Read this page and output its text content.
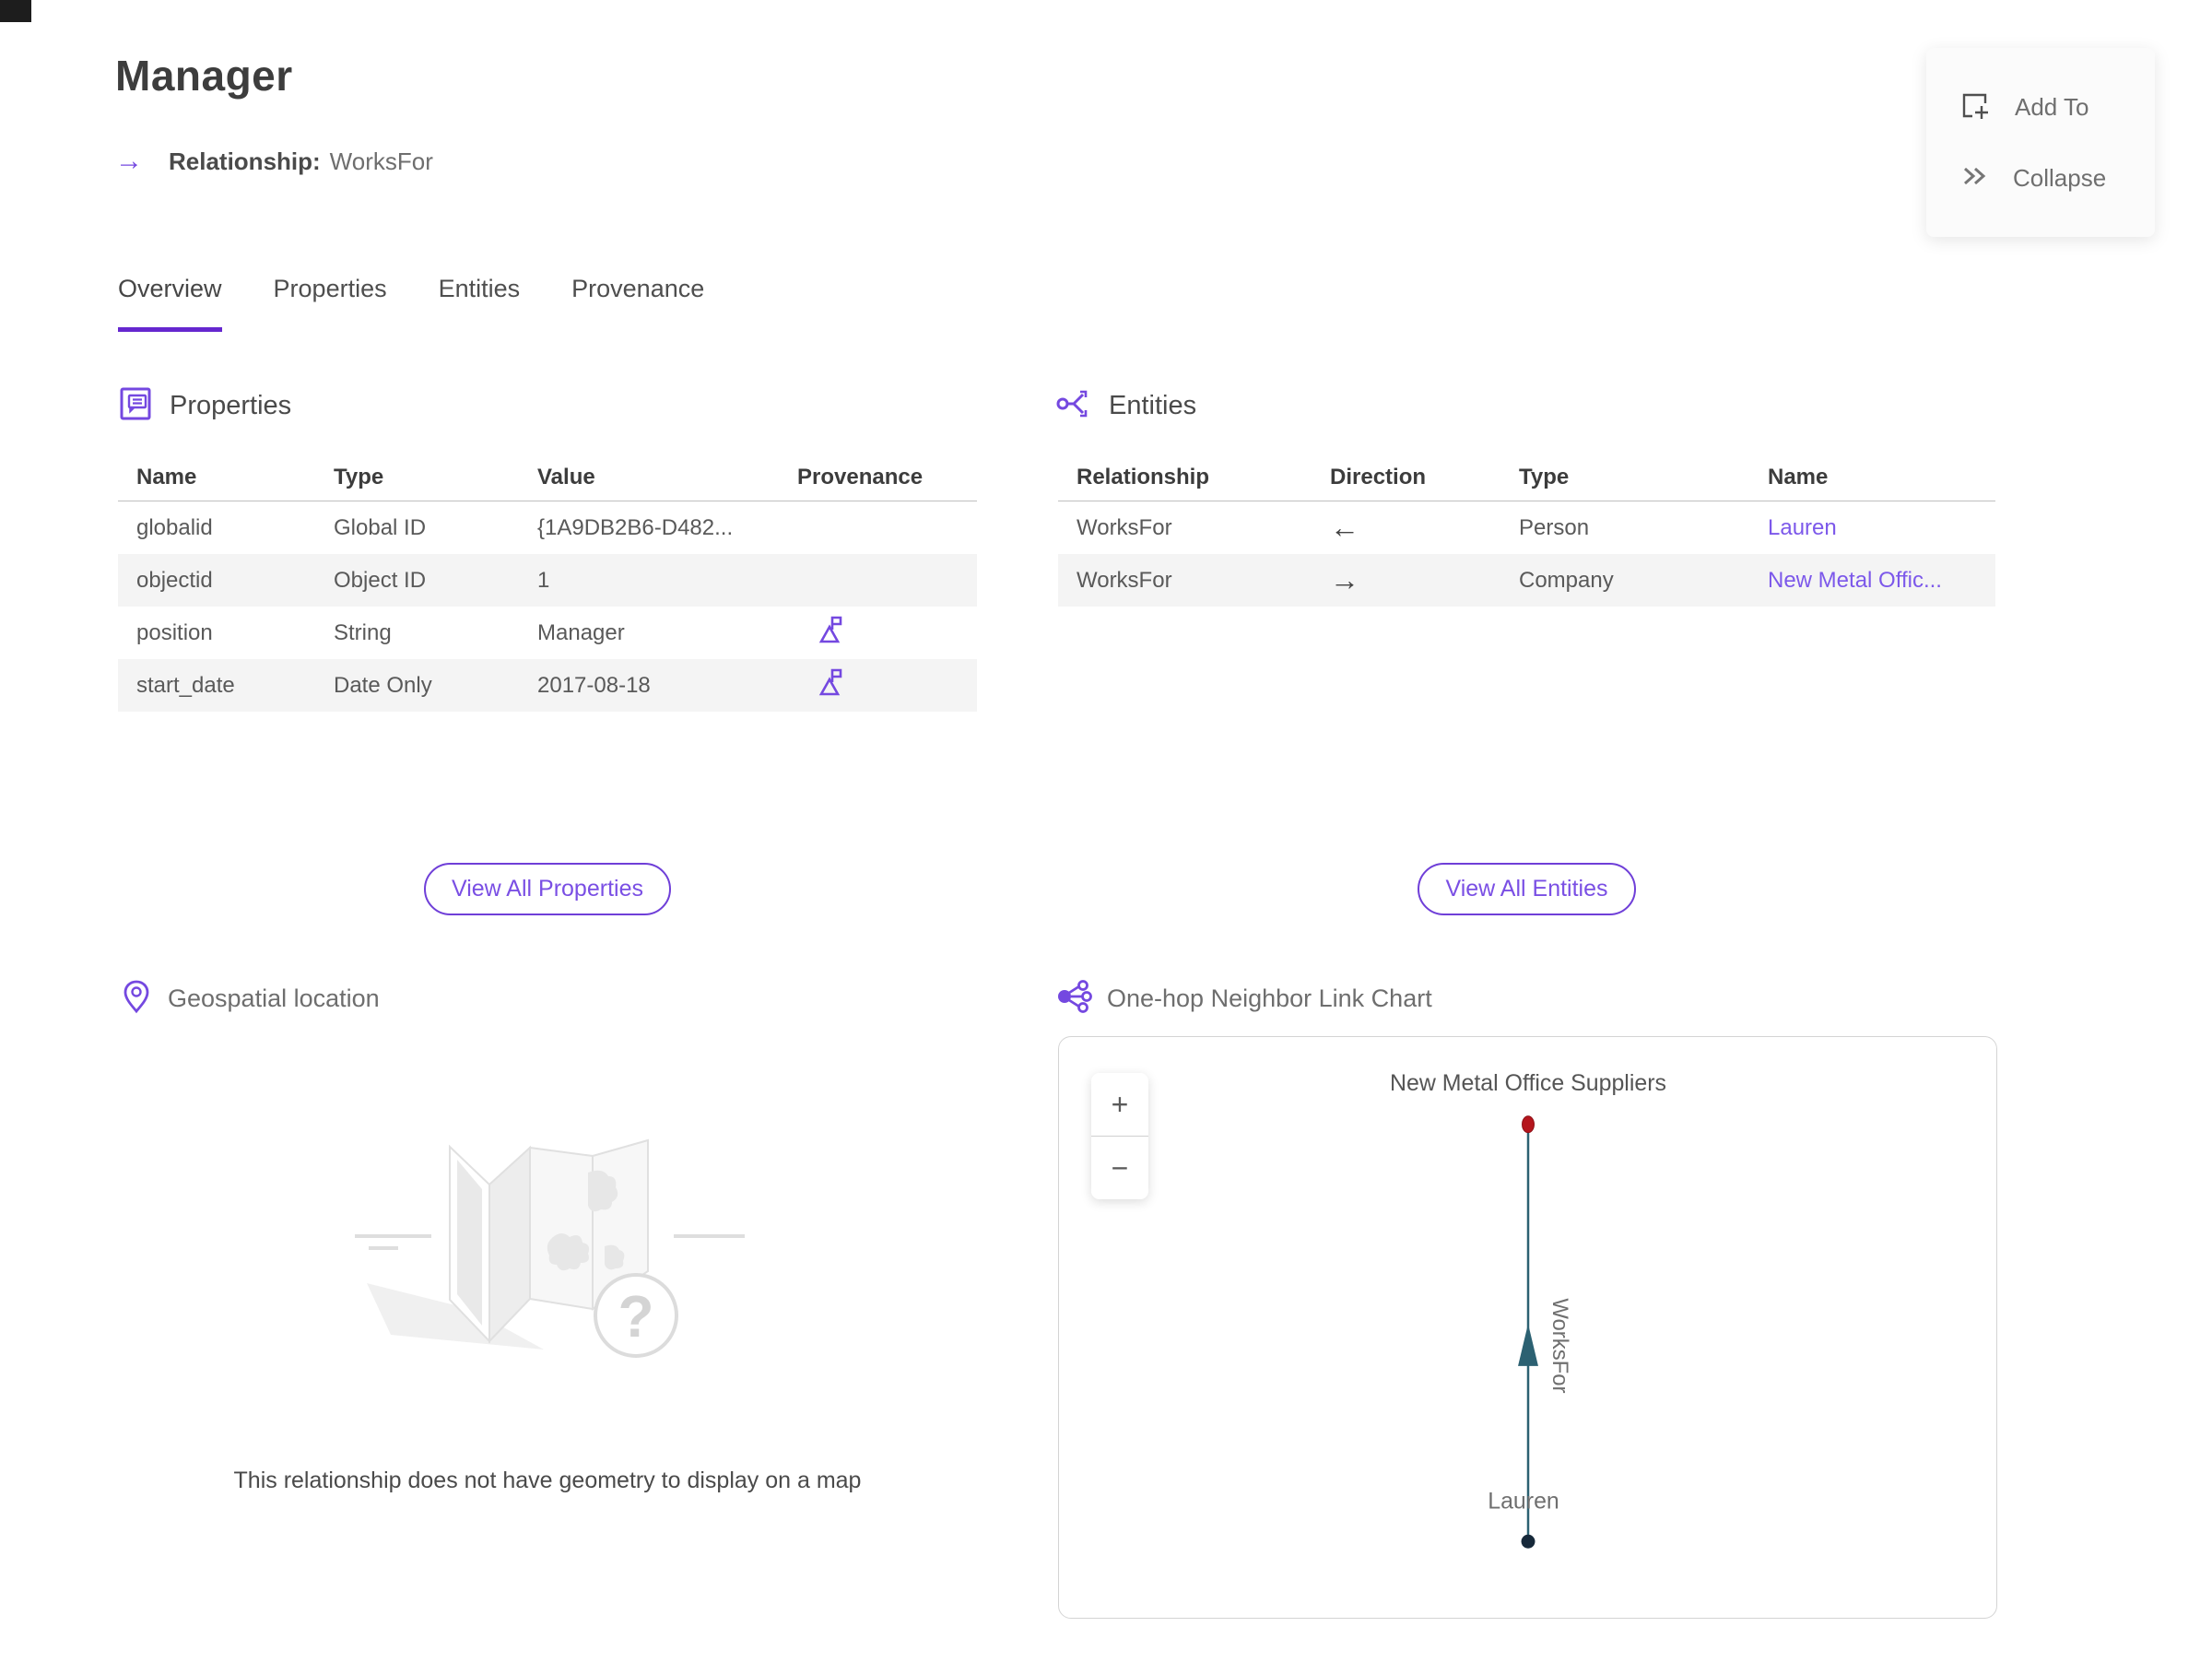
Manager
→ Relationship: WorksFor
Add To
Collapse
Overview Properties Entities Provenance
Properties
Name	Type	Value	Provenance
globalid	Global ID	{1A9DB2B6-D482...
objectid	Object ID	1
position	String	Manager
start_date	Date Only	2017-08-18
Entities
Relationship	Direction	Type	Name
WorksFor	←	Person	Lauren
WorksFor	→	Company	New Metal Offic...
View All Properties	View All Entities
Geospatial location
?
This relationship does not have geometry to display on a map
One-hop Neighbor Link Chart
New Metal Office Suppliers
WorksFor
Lauren
+
−
